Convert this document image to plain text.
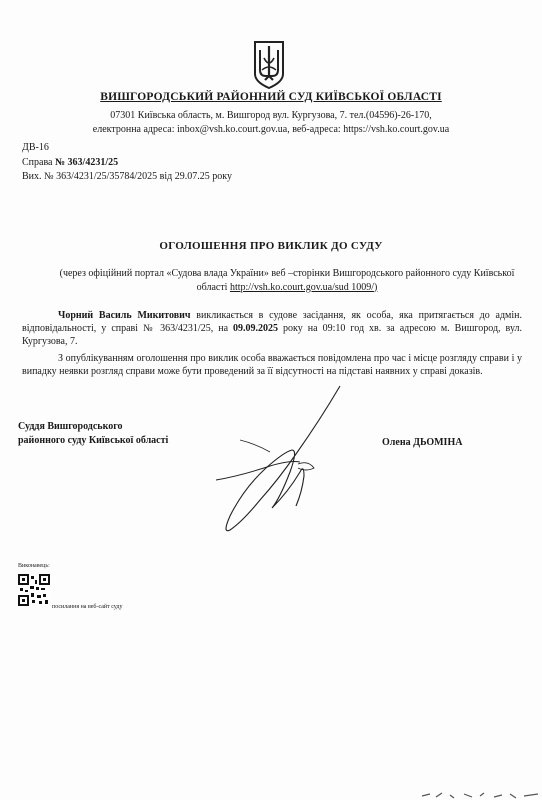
ВИШГОРОДСЬКИЙ РАЙОННИЙ СУД КИЇВСЬКОЇ ОБЛАСТІ
07301 Київська область, м. Вишгород вул. Кургузова, 7. тел.(04596)-26-170,
електронна адреса: inbox@vsh.ko.court.gov.ua, веб-адреса: https://vsh.ko.court.gov.ua
ДВ-16
Справа № 363/4231/25
Вих. № 363/4231/25/35784/2025 від 29.07.25 року
ОГОЛОШЕННЯ ПРО ВИКЛИК ДО СУДУ
(через офіційний портал «Судова влада України» веб –сторінки Вишгородського районного суду Київської області http://vsh.ko.court.gov.ua/sud 1009/)
Чорний Василь Микитович викликається в судове засідання, як особа, яка притягається до адмін. відповідальності, у справі № 363/4231/25, на 09.09.2025 року на 09:10 год хв. за адресою м. Вишгород, вул. Кургузова, 7.
З опублікуванням оголошення про виклик особа вважається повідомлена про час і місце розгляду справи і у випадку неявки розгляд справи може бути проведений за її відсутності на підставі наявних у справі доказів.
Суддя Вишгородського
районного суду Київської області	Олена ДЬОМІНА
Виконавець:
посилання на веб-сайт суду
